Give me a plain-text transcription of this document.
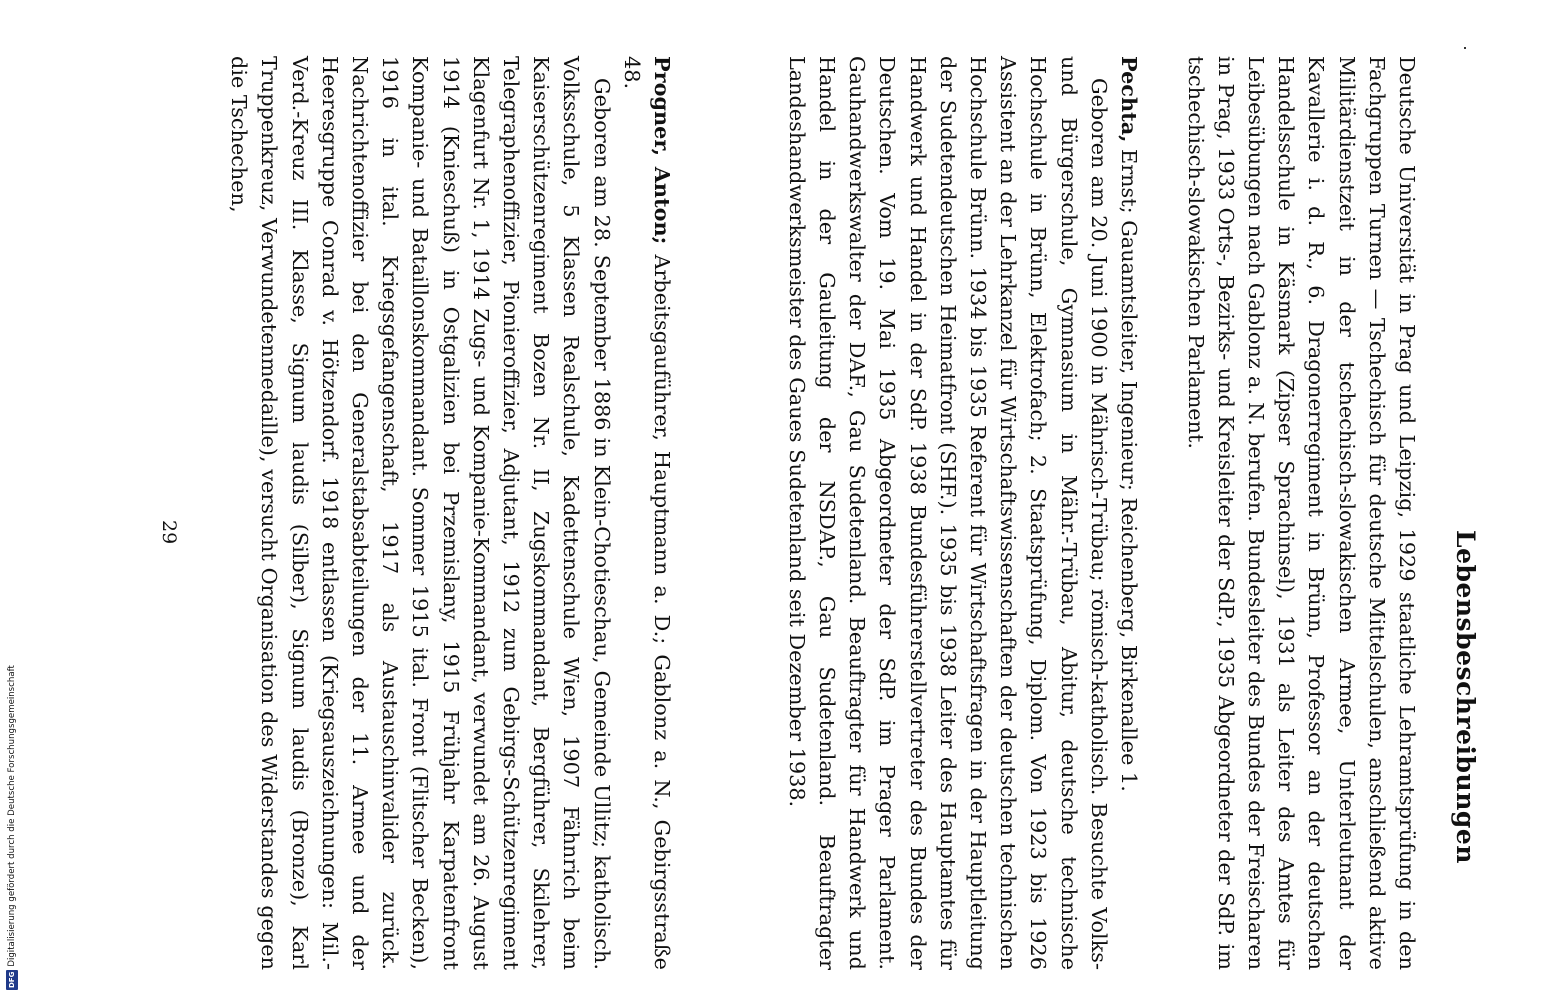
Lebensbeschreibungen

Deutsche Universität in Prag und Leipzig, 1929 staatliche Lehramtsprüfung in den Fachgruppen Turnen — Tschechisch für deutsche Mittelschulen, anschließend aktive Militärdienstzeit in der tschechisch-slowakischen Armee, Unterleutnant der Kavallerie i. d. R., 6. Dragonerregiment in Brünn, Professor an der deutschen Handelsschule in Käsmark (Zipser Sprachinsel), 1931 als Leiter des Amtes für Leibesübungen nach Gablonz a. N. berufen. Bundesleiter des Bundes der Freischaren in Prag, 1933 Orts-, Bezirks- und Kreisleiter der SdP., 1935 Abgeordneter der SdP. im tschechisch-slowakischen Parlament.

Pechta, Ernst; Gauamtsleiter, Ingenieur; Reichenberg, Birkenallee 1.

Geboren am 20. Juni 1900 in Mährisch-Trübau; römisch-katholisch. Besuchte Volks- und Bürgerschule, Gymnasium in Mähr.-Trübau, Abitur, deutsche technische Hochschule in Brünn, Elektrofach; 2. Staatsprüfung, Diplom. Von 1923 bis 1926 Assistent an der Lehrkanzel für Wirtschaftswissenschaften der deutschen technischen Hochschule Brünn. 1934 bis 1935 Referent für Wirtschaftsfragen in der Hauptleitung der Sudetendeutschen Heimatfront (SHF.). 1935 bis 1938 Leiter des Hauptamtes für Handwerk und Handel in der SdP. 1938 Bundesführerstellvertreter des Bundes der Deutschen. Vom 19. Mai 1935 Abgeordneter der SdP. im Prager Parlament. Gauhandwerkswalter der DAF., Gau Sudetenland. Beauftragter für Handwerk und Handel in der Gauleitung der NSDAP., Gau Sudetenland. Beauftragter Landeshandwerksmeister des Gaues Sudetenland seit Dezember 1938.

Progner, Anton; Arbeitsgauführer, Hauptmann a. D.; Gablonz a. N., Gebirgsstraße 48.

Geboren am 28. September 1886 in Klein-Chotieschau, Gemeinde Ullitz; katholisch. Volksschule, 5 Klassen Realschule, Kadettenschule Wien, 1907 Fähnrich beim Kaiserschützenregiment Bozen Nr. II, Zugskommandant, Bergführer, Skilehrer, Telegraphenoffizier, Pionieroffizier, Adjutant, 1912 zum Gebirgs-Schützenregiment Klagenfurt Nr. 1, 1914 Zugs- und Kompanie-Kommandant, verwundet am 26. August 1914 (Knieschuß) in Ostgalizien bei Przemislany, 1915 Frühjahr Karpatenfront Kompanie- und Bataillonskommandant. Sommer 1915 ital. Front (Flitscher Becken), 1916 in ital. Kriegsgefangenschaft, 1917 als Austauschinvalider zurück. Nachrichtenoffizier bei den Generalstabsabteilungen der 11. Armee und der Heeresgruppe Conrad v. Hötzendorf. 1918 entlassen (Kriegsauszeichnungen: Mil.-Verd.-Kreuz III. Klasse, Signum laudis (Silber), Signum laudis (Bronze), Karl Truppenkreuz, Verwundetenmedaille), versucht Organisation des Widerstandes gegen die Tschechen,

29
DFG
Digitalisierung gefördert durch die Deutsche Forschungsgemeinschaft
